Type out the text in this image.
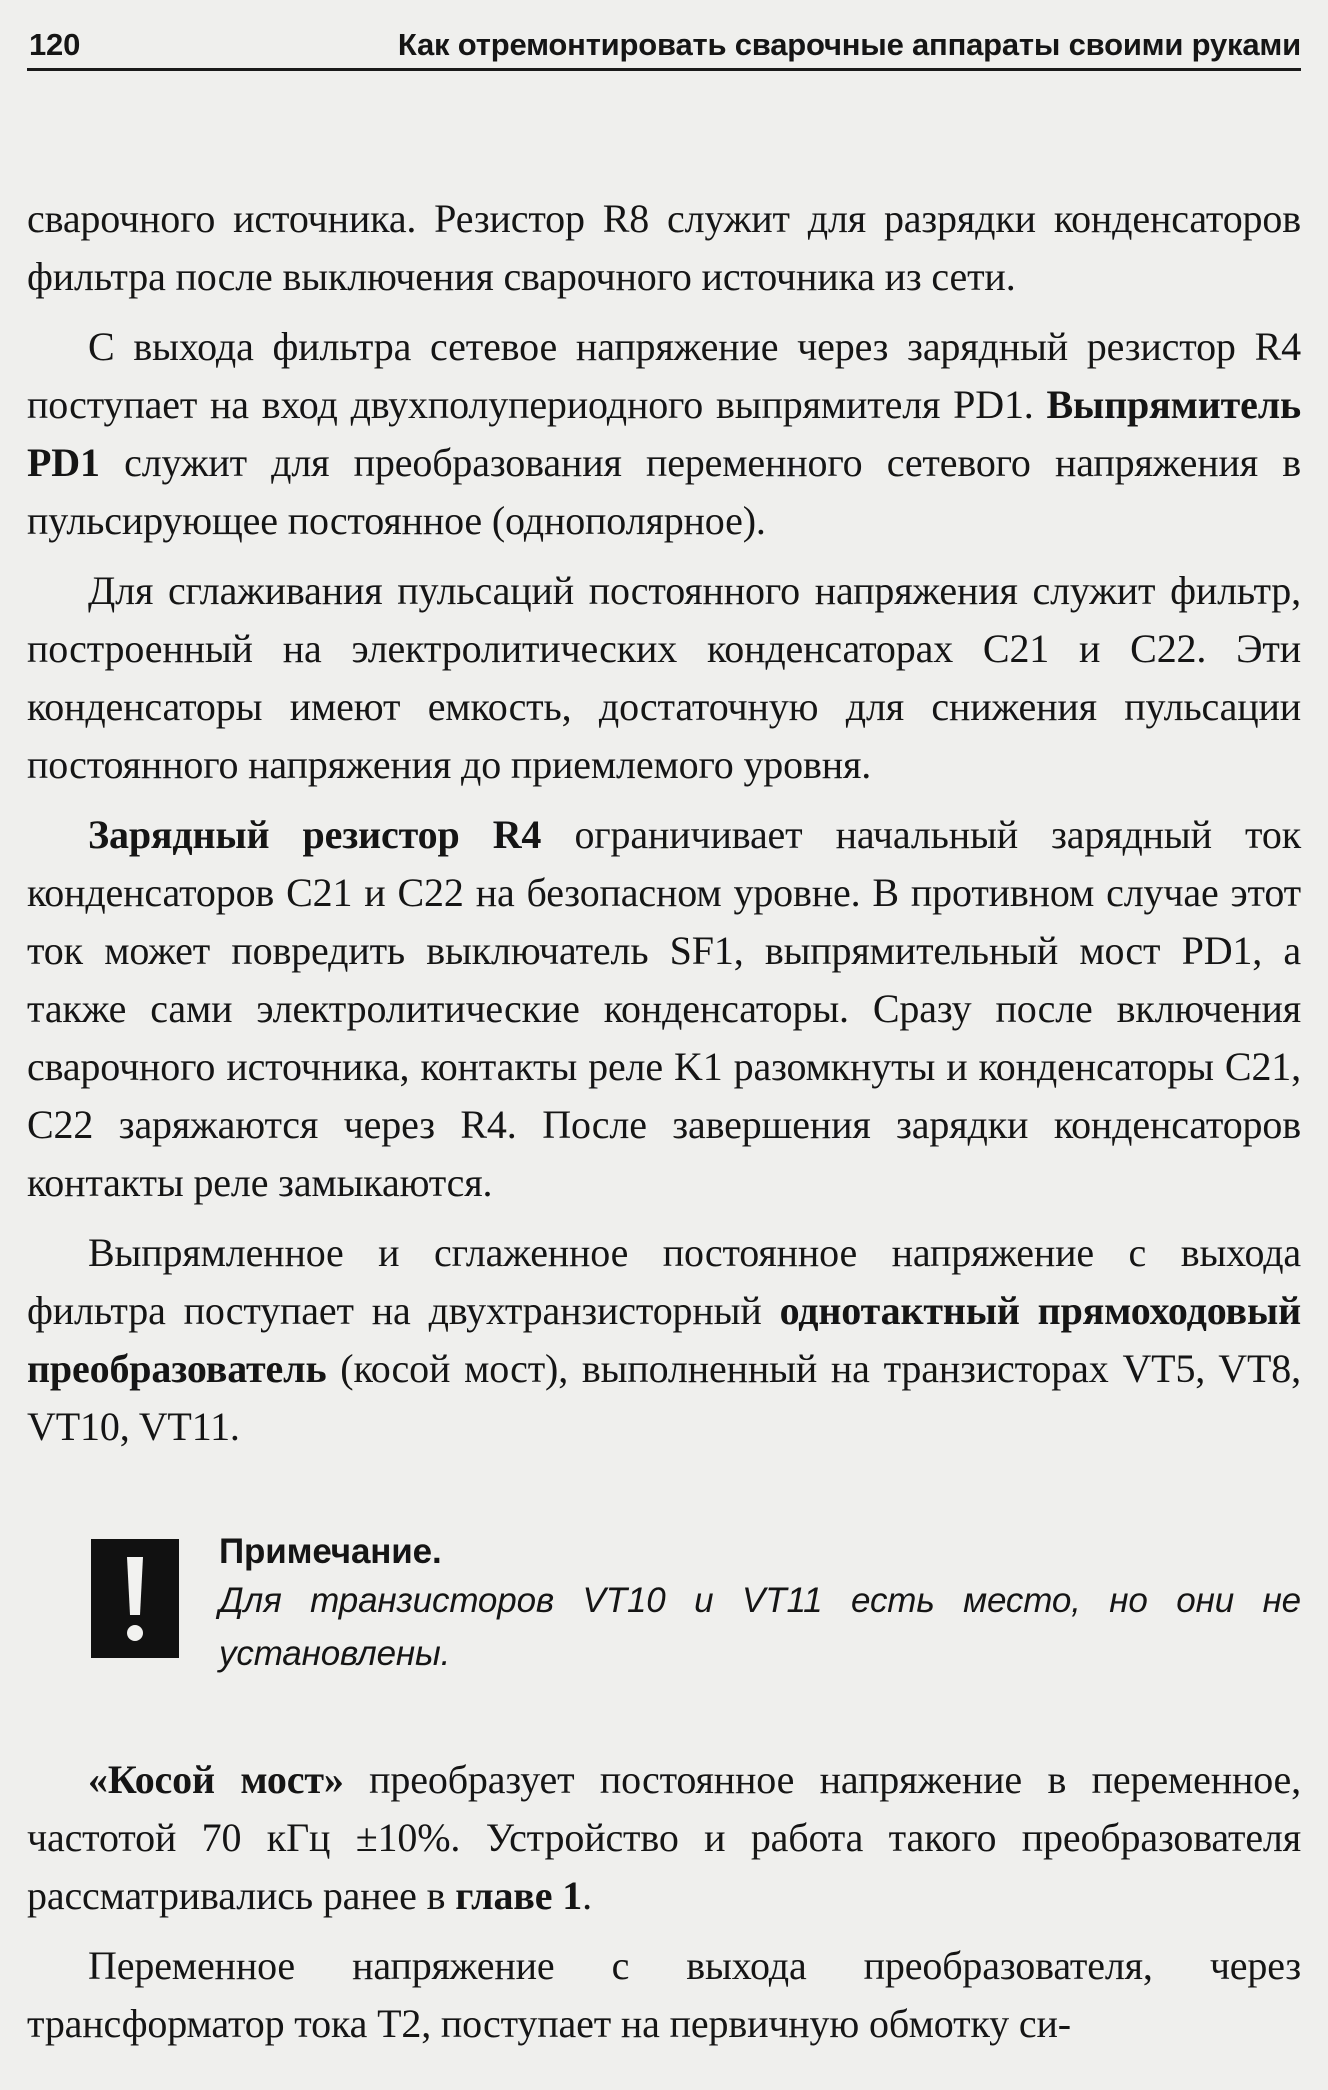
120	Как отремонтировать сварочные аппараты своими руками

сварочного источника. Резистор R8 служит для разрядки конденсаторов фильтра после выключения сварочного источника из сети.

С выхода фильтра сетевое напряжение через зарядный резистор R4 поступает на вход двухполупериодного выпрямителя PD1. Выпрямитель PD1 служит для преобразования переменного сетевого напряжения в пульсирующее постоянное (однополярное).

Для сглаживания пульсаций постоянного напряжения служит фильтр, построенный на электролитических конденсаторах C21 и C22. Эти конденсаторы имеют емкость, достаточную для снижения пульсации постоянного напряжения до приемлемого уровня.

Зарядный резистор R4 ограничивает начальный зарядный ток конденсаторов C21 и C22 на безопасном уровне. В противном случае этот ток может повредить выключатель SF1, выпрямительный мост PD1, а также сами электролитические конденсаторы. Сразу после включения сварочного источника, контакты реле K1 разомкнуты и конденсаторы C21, C22 заряжаются через R4. После завершения зарядки конденсаторов контакты реле замыкаются.

Выпрямленное и сглаженное постоянное напряжение с выхода фильтра поступает на двухтранзисторный однотактный прямоходовый преобразователь (косой мост), выполненный на транзисторах VT5, VT8, VT10, VT11.

Примечание.
Для транзисторов VT10 и VT11 есть место, но они не установлены.

«Косой мост» преобразует постоянное напряжение в переменное, частотой 70 кГц ±10%. Устройство и работа такого преобразователя рассматривались ранее в главе 1.

Переменное напряжение с выхода преобразователя, через трансформатор тока T2, поступает на первичную обмотку си-
